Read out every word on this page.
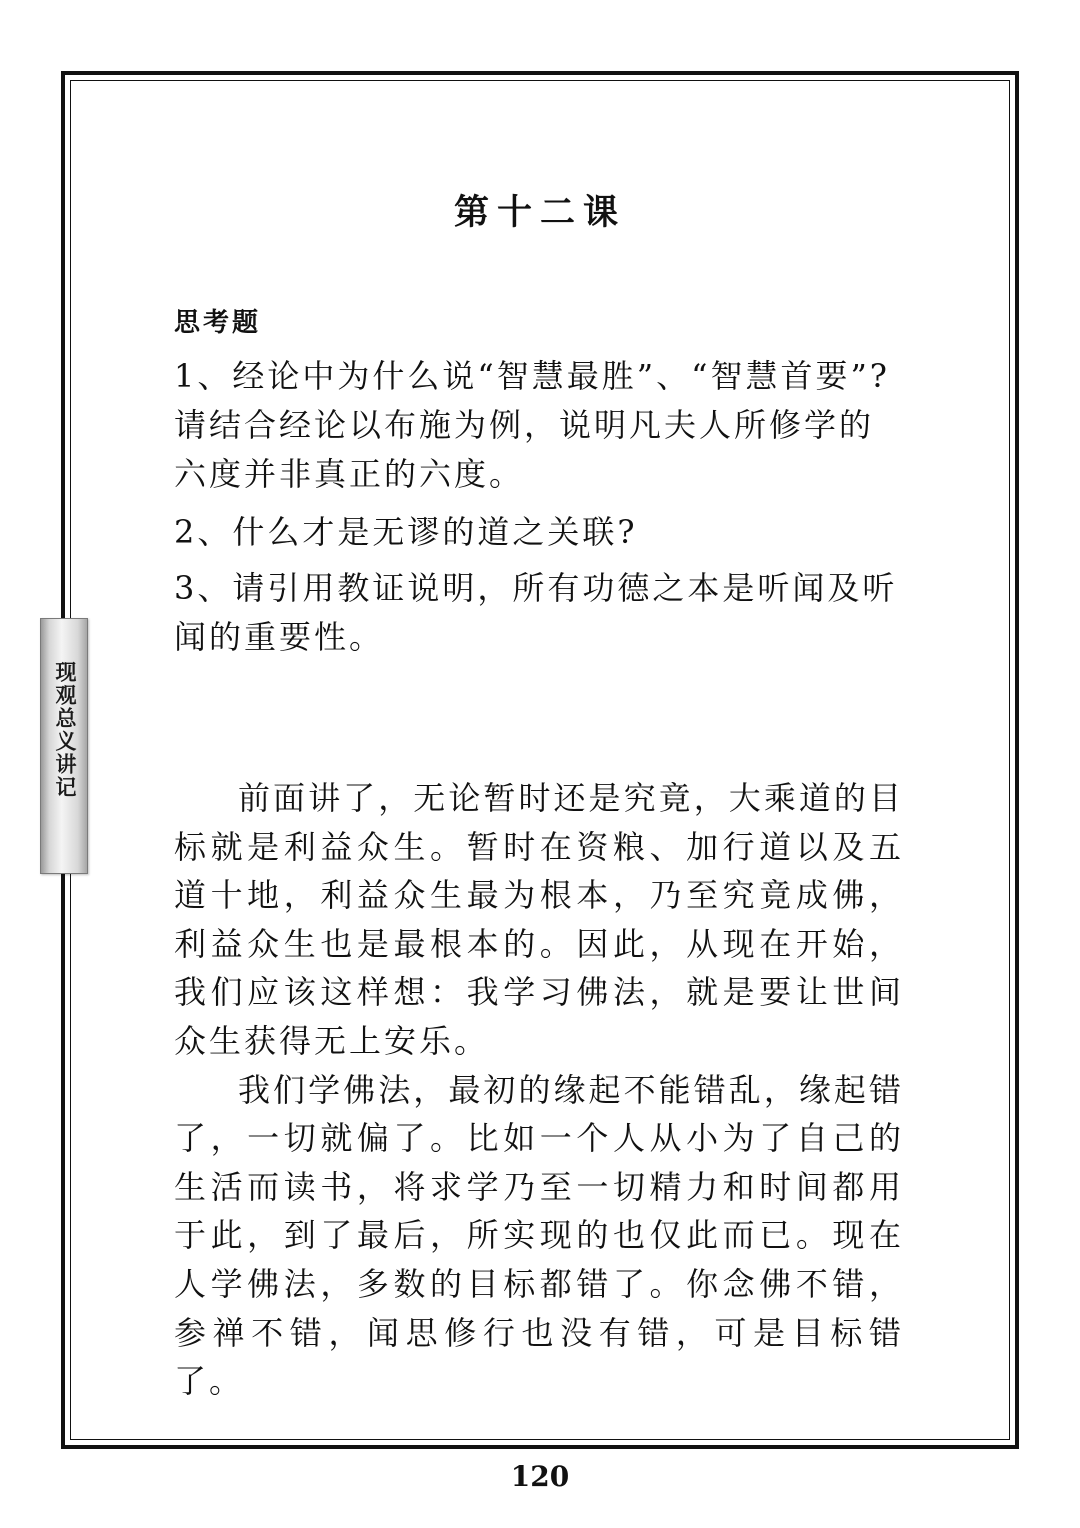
现观总义讲记
第十二课
思考题
1、经论中为什么说“智慧最胜”、“智慧首要”?请结合经论以布施为例，说明凡夫人所修学的六度并非真正的六度。
2、什么才是无谬的道之关联?
3、请引用教证说明，所有功德之本是听闻及听闻的重要性。

前面讲了，无论暂时还是究竟，大乘道的目标就是利益众生。暂时在资粮、加行道以及五道十地，利益众生最为根本，乃至究竟成佛，利益众生也是最根本的。因此，从现在开始，我们应该这样想：我学习佛法，就是要让世间众生获得无上安乐。

我们学佛法，最初的缘起不能错乱，缘起错了，一切就偏了。比如一个人从小为了自己的生活而读书，将求学乃至一切精力和时间都用于此，到了最后，所实现的也仅此而已。现在人学佛法，多数的目标都错了。你念佛不错，参禅不错，闻思修行也没有错，可是目标错了。

120
